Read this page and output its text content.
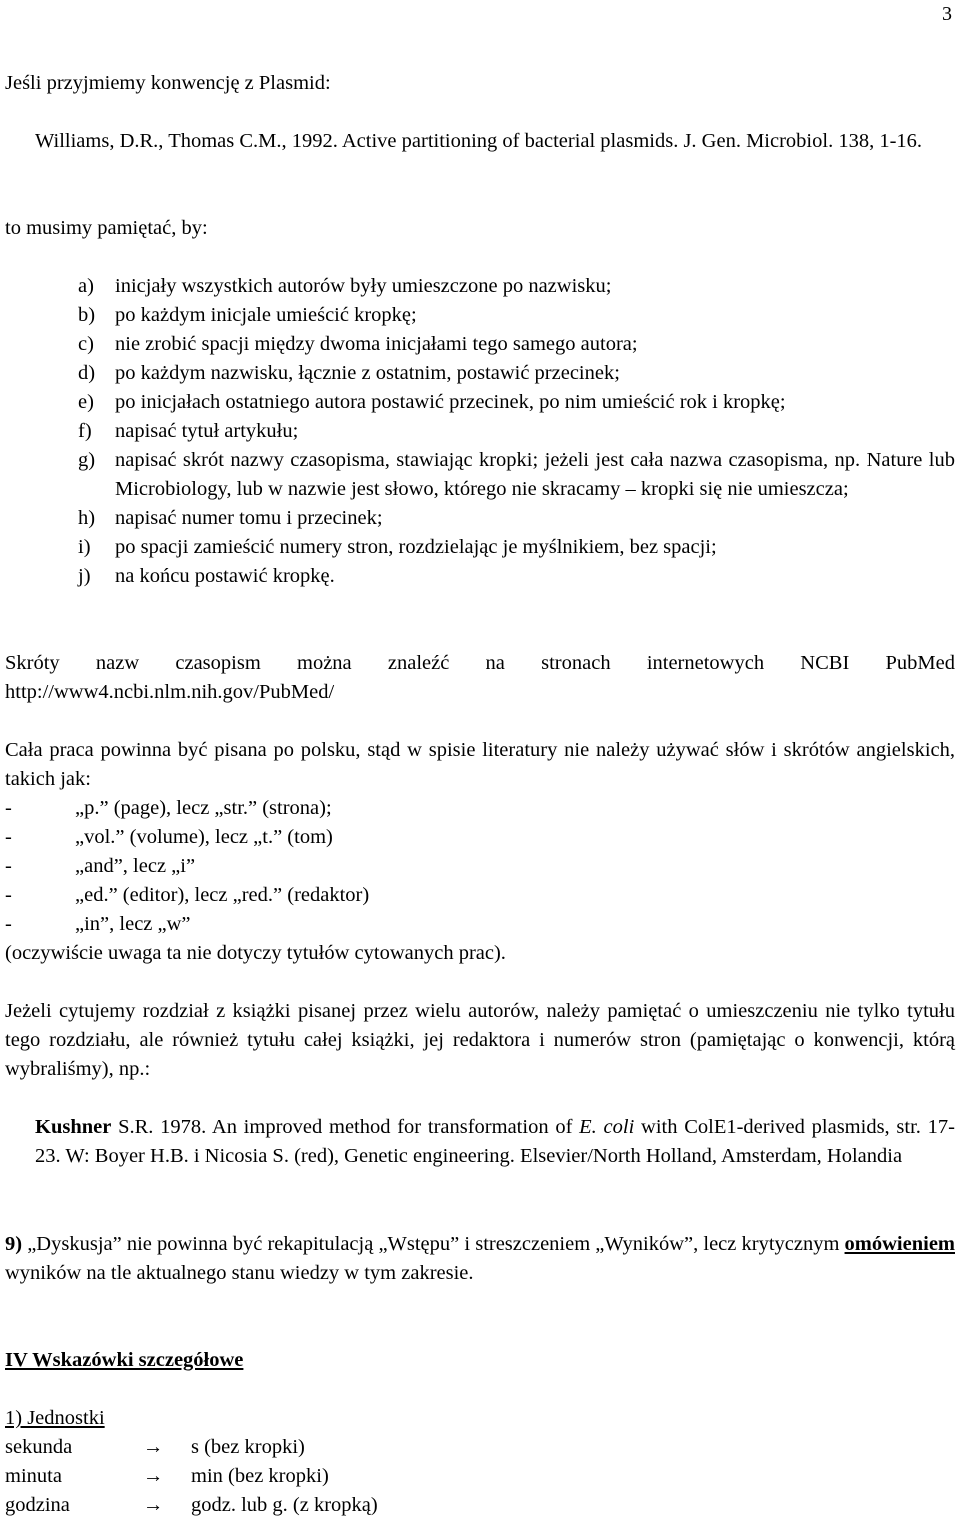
3

Jeśli przyjmiemy konwencję z Plasmid:

Williams, D.R., Thomas C.M., 1992. Active partitioning of bacterial plasmids. J. Gen. Microbiol. 138, 1-16.

to musimy pamiętać, by:

a) inicjały wszystkich autorów były umieszczone po nazwisku;
b) po każdym inicjale umieścić kropkę;
c) nie zrobić spacji między dwoma inicjałami tego samego autora;
d) po każdym nazwisku, łącznie z ostatnim, postawić przecinek;
e) po inicjałach ostatniego autora postawić przecinek, po nim umieścić rok i kropkę;
f) napisać tytuł artykułu;
g) napisać skrót nazwy czasopisma, stawiając kropki; jeżeli jest cała nazwa czasopisma, np. Nature lub Microbiology, lub w nazwie jest słowo, którego nie skracamy – kropki się nie umieszcza;
h) napisać numer tomu i przecinek;
i) po spacji zamieścić numery stron, rozdzielając je myślnikiem, bez spacji;
j) na końcu postawić kropkę.

Skróty nazw czasopism można znaleźć na stronach internetowych NCBI PubMed http://www4.ncbi.nlm.nih.gov/PubMed/

Cała praca powinna być pisana po polsku, stąd w spisie literatury nie należy używać słów i skrótów angielskich, takich jak:

-	„p.” (page), lecz „str.” (strona);
-	„vol.” (volume), lecz „t.” (tom)
-	„and”, lecz „i”
-	„ed.” (editor), lecz „red.” (redaktor)
-	„in”, lecz „w”

(oczywiście uwaga ta nie dotyczy tytułów cytowanych prac).

Jeżeli cytujemy rozdział z książki pisanej przez wielu autorów, należy pamiętać o umieszczeniu nie tylko tytułu tego rozdziału, ale również tytułu całej książki, jej redaktora i numerów stron (pamiętając o konwencji, którą wybraliśmy), np.:

Kushner S.R. 1978. An improved method for transformation of E. coli with ColE1-derived plasmids, str. 17-23. W: Boyer H.B. i Nicosia S. (red), Genetic engineering. Elsevier/North Holland, Amsterdam, Holandia

9) „Dyskusja” nie powinna być rekapitulacją „Wstępu” i streszczeniem „Wyników”, lecz krytycznym omówieniem wyników na tle aktualnego stanu wiedzy w tym zakresie.

IV Wskazówki szczegółowe

1) Jednostki

sekunda	→	s (bez kropki)
minuta	→	min (bez kropki)
godzina	→	godz. lub g. (z kropką)
